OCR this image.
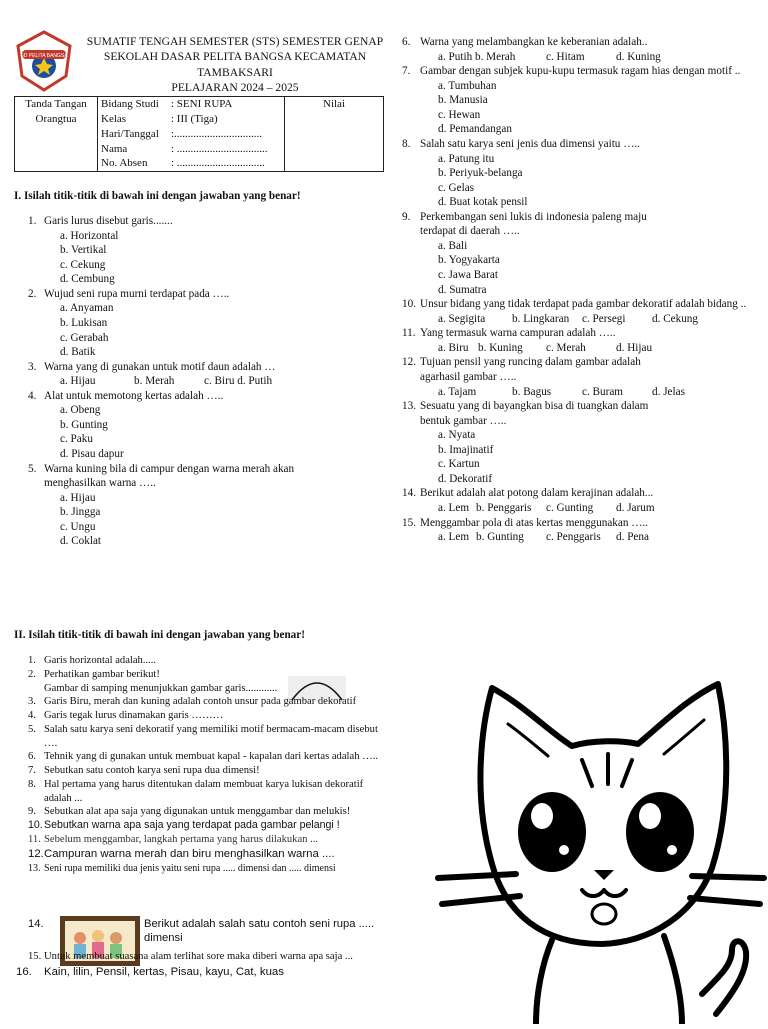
SD PELITA BANGSA
SUMATIF TENGAH SEMESTER (STS) SEMESTER GENAP
SEKOLAH DASAR PELITA BANGSA KECAMATAN
TAMBAKSARI
PELAJARAN 2024 – 2025
Tanda Tangan Orangtua	
Bidang Studi : SENI RUPA
Kelas	: III (Tiga)
Hari/Tanggal :................................
Nama	: .................................
No. Absen : ................................
	Nilai
I. Isilah titik-titik di bawah ini dengan jawaban yang benar!
1. Garis lurus disebut garis.......
a. Horizontal
b. Vertikal
c. Cekung
d. Cembung
2. Wujud seni rupa murni terdapat pada …..
a. Anyaman
b. Lukisan
c. Gerabah
d. Batik
3. Warna yang di gunakan untuk motif daun adalah …
a. Hijau	b. Merah	c. Biru d. Putih
4. Alat untuk memotong kertas adalah …..
a. Obeng
b. Gunting
c. Paku
d. Pisau dapur
5. Warna kuning bila di campur dengan warna merah akan menghasilkan warna …..
a. Hijau
b. Jingga
c. Ungu
d. Coklat
6. Warna yang melambangkan ke keberanian adalah..
a. Putih b. Merah	c. Hitam	d. Kuning
7. Gambar dengan subjek kupu-kupu termasuk ragam hias dengan motif ..
a. Tumbuhan
b. Manusia
c. Hewan
d. Pemandangan
8. Salah satu karya seni jenis dua dimensi yaitu …..
a. Patung itu
b. Periyuk-belanga
c. Gelas
d. Buat kotak pensil
9. Perkembangan seni lukis di indonesia paleng maju terdapat di daerah …..
a. Bali
b. Yogyakarta
c. Jawa Barat
d. Sumatra
10. Unsur bidang yang tidak terdapat pada gambar dekoratif adalah bidang ..
a. Segigita b. Lingkaran c. Persegi d. Cekung
11. Yang termasuk warna campuran adalah …..
a. Biru b. Kuning c. Merah	d. Hijau
12. Tujuan pensil yang runcing dalam gambar adalah agarhasil gambar …..
a. Tajam	b. Bagus	c. Buram	d. Jelas
13. Sesuatu yang di bayangkan bisa di tuangkan dalam bentuk gambar …..
a. Nyata
b. Imajinatif
c. Kartun
d. Dekoratif
14. Berikut adalah alat potong dalam kerajinan adalah...
a. Lem b. Penggaris c. Gunting d. Jarum
15. Menggambar pola di atas kertas menggunakan …..
a. Lem b. Gunting c. Penggaris d. Pena
II. Isilah titik-titik di bawah ini dengan jawaban yang benar!
1. Garis horizontal adalah.....
2. Perhatikan gambar berikut!
Gambar di samping menunjukkan gambar garis............
3. Garis Biru, merah dan kuning adalah contoh unsur pada gambar dekoratif
4. Garis tegak lurus dinamakan garis ………
5. Salah satu karya seni dekoratif yang memiliki motif bermacam-macam disebut ….
6. Tehnik yang di gunakan untuk membuat kapal - kapalan dari kertas adalah …..
7. Sebutkan satu contoh karya seni rupa dua dimensi!
8. Hal pertama yang harus ditentukan dalam membuat karya lukisan dekoratif adalah ...
9. Sebutkan alat apa saja yang digunakan untuk menggambar dan melukis!
10. Sebutkan warna apa saja yang terdapat pada gambar pelangi !
11. Sebelum menggambar, langkah pertama yang harus dilakukan ...
12. Campuran warna merah dan biru menghasilkan warna ....
13. Seni rupa memiliki dua jenis yaitu seni rupa ..... dimensi dan ..... dimensi
14.	Berikut adalah salah satu contoh seni rupa ..... dimensi
15. Untuk membuat suasana alam terlihat sore maka diberi warna apa saja ...
16. Kain, lilin, Pensil, kertas, Pisau, kayu, Cat, kuas
